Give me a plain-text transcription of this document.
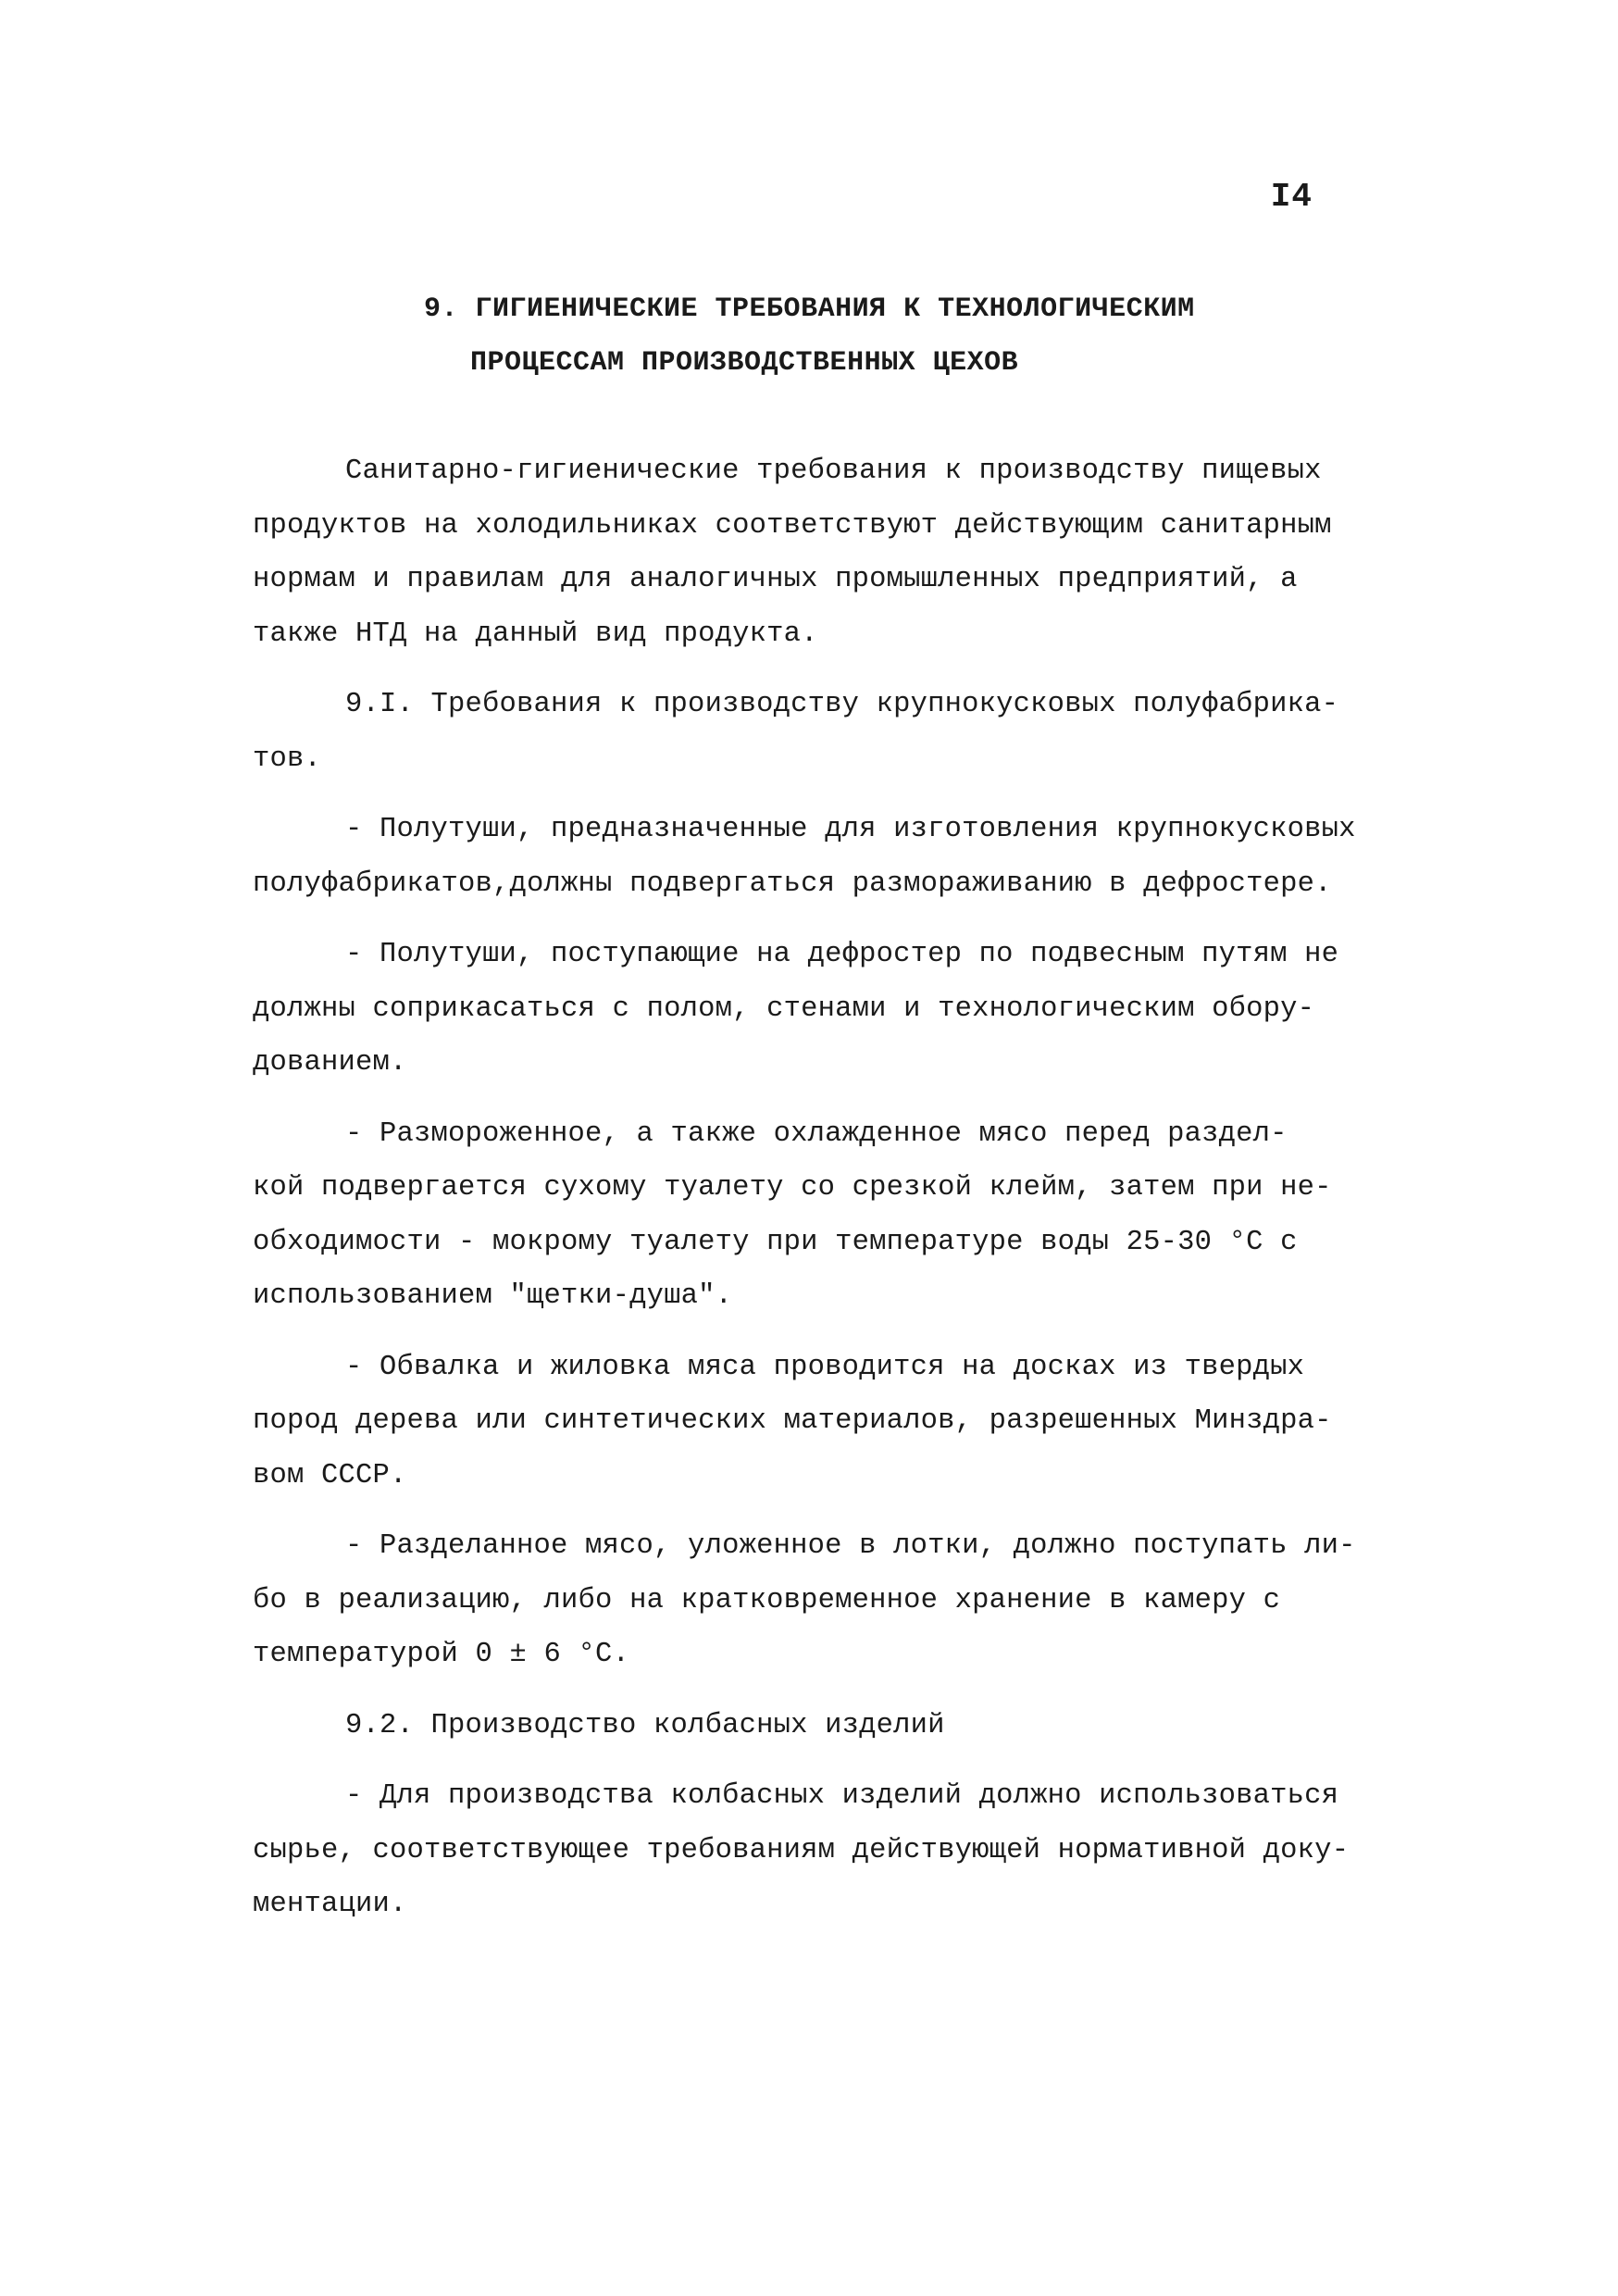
I4
9. ГИГИЕНИЧЕСКИЕ ТРЕБОВАНИЯ К ТЕХНОЛОГИЧЕСКИМ
ПРОЦЕССАМ ПРОИЗВОДСТВЕННЫХ ЦЕХОВ

Санитарно-гигиенические требования к производству пищевых
продуктов на холодильниках соответствуют действующим санитарным
нормам и правилам для аналогичных промышленных предприятий, а
также НТД на данный вид продукта.

9.I. Требования к производству крупнокусковых полуфабрика-
тов.

- Полутуши, предназначенные для изготовления крупнокусковых
полуфабрикатов,должны подвергаться размораживанию в дефростере.

- Полутуши, поступающие на дефростер по подвесным путям не
должны соприкасаться с полом, стенами и технологическим обору-
дованием.

- Размороженное, а также охлажденное мясо перед раздел-
кой подвергается сухому туалету со срезкой клейм, затем при не-
обходимости - мокрому туалету при температуре воды 25-30 °С с
использованием "щетки-душа".

- Обвалка и жиловка мяса проводится на досках из твердых
пород дерева или синтетических материалов, разрешенных Минздра-
вом СССР.

- Разделанное мясо, уложенное в лотки, должно поступать ли-
бо в реализацию, либо на кратковременное хранение в камеру с
температурой 0 ± 6 °С.

9.2. Производство колбасных изделий

- Для производства колбасных изделий должно использоваться
сырье, соответствующее требованиям действующей нормативной доку-
ментации.
